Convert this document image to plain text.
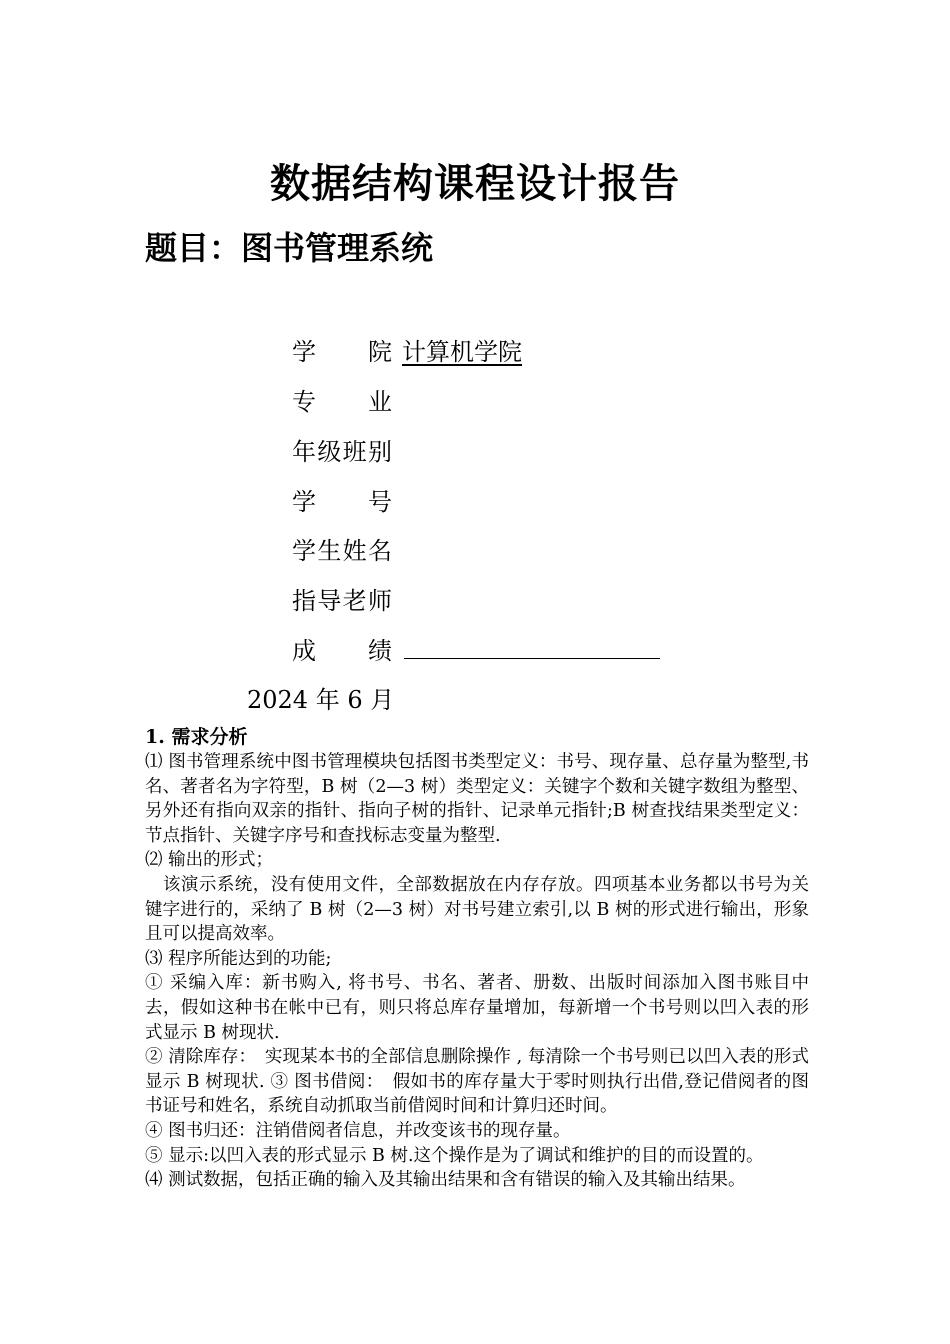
数据结构课程设计报告
题目：图书管理系统
学　院 计算机学院
专　业
年级班别
学　号
学生姓名
指导老师
成　绩
2024 年 6 月
1. 需求分析

⑴ 图书管理系统中图书管理模块包括图书类型定义：书号、现存量、总存量为整型,书名、著者名为字符型，B 树（2—3 树）类型定义：关键字个数和关键字数组为整型、另外还有指向双亲的指针、指向子树的指针、记录单元指针;B 树查找结果类型定义： 节点指针、关键字序号和查找标志变量为整型.

⑵ 输出的形式；

　该演示系统，没有使用文件，全部数据放在内存存放。四项基本业务都以书号为关键字进行的，采纳了 B 树（2—3 树）对书号建立索引,以 B 树的形式进行输出，形象且可以提高效率。

⑶ 程序所能达到的功能;

① 采编入库：新书购入, 将书号、书名、著者、册数、出版时间添加入图书账目中去，假如这种书在帐中已有，则只将总库存量增加，每新增一个书号则以凹入表的形式显示 B 树现状.

② 清除库存：　实现某本书的全部信息删除操作 , 每清除一个书号则已以凹入表的形式显示 B 树现状. ③ 图书借阅：　假如书的库存量大于零时则执行出借,登记借阅者的图书证号和姓名，系统自动抓取当前借阅时间和计算归还时间。

④ 图书归还：注销借阅者信息，并改变该书的现存量。

⑤ 显示:以凹入表的形式显示 B 树.这个操作是为了调试和维护的目的而设置的。

⑷ 测试数据，包括正确的输入及其输出结果和含有错误的输入及其输出结果。
